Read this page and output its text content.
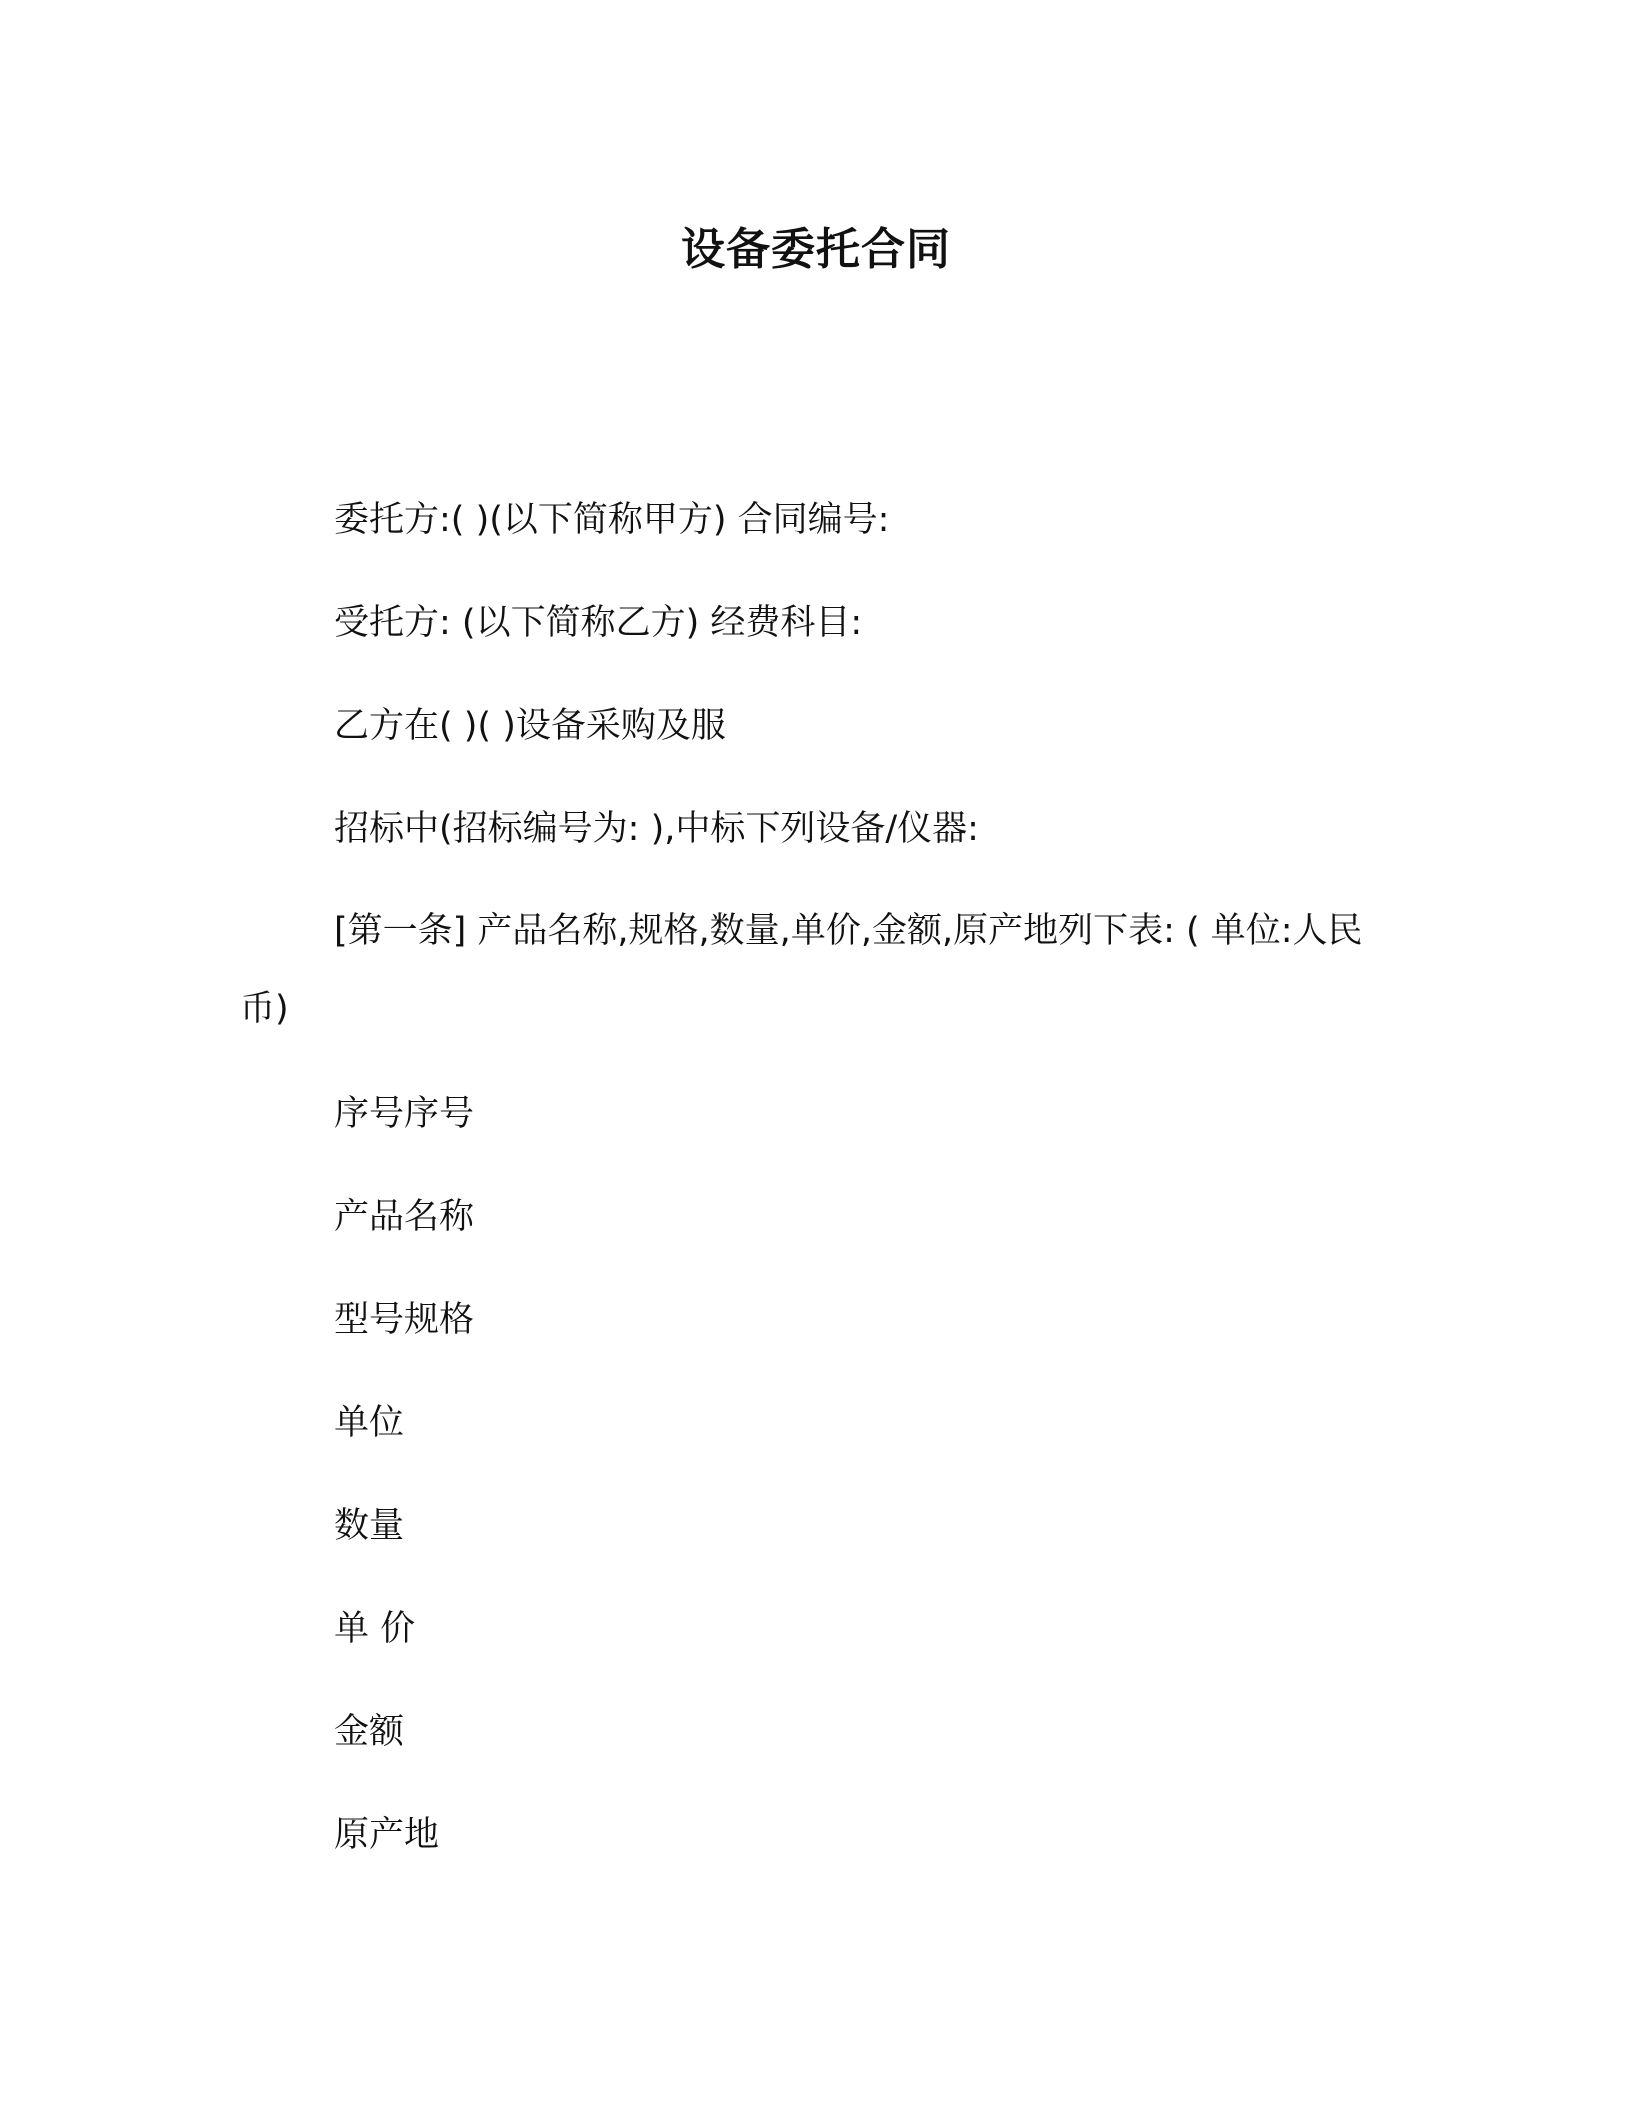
设备委托合同
委托方:( )(以下简称甲方) 合同编号:
受托方: (以下简称乙方) 经费科目:
乙方在( )( )设备采购及服
招标中(招标编号为: ),中标下列设备/仪器:
[第一条] 产品名称,规格,数量,单价,金额,原产地列下表: ( 单位:人民币)
序号序号
产品名称
型号规格
单位
数量
单 价
金额
原产地
